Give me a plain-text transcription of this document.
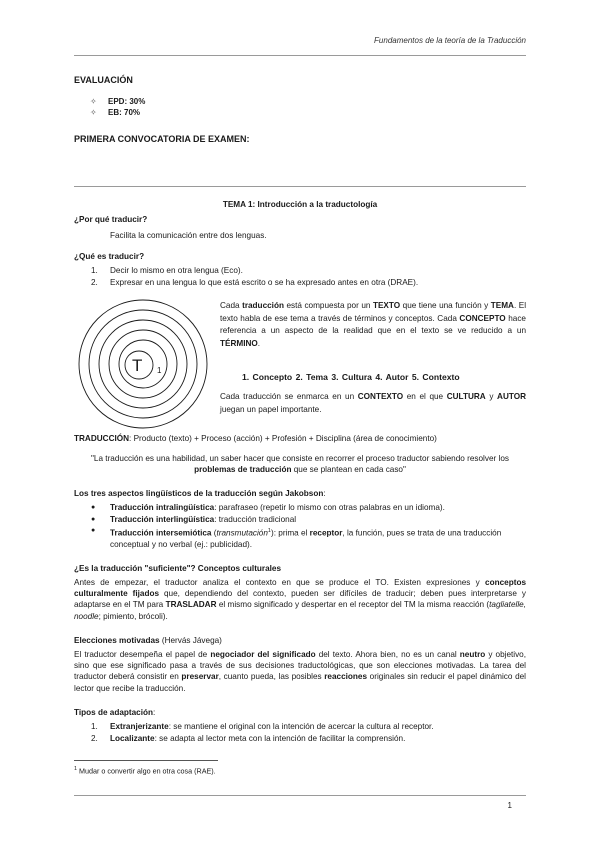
Fundamentos de la teoría de la Traducción
EVALUACIÓN
✧ EPD: 30%
✧ EB: 70%
PRIMERA CONVOCATORIA DE EXAMEN:
TEMA 1: Introducción a la traductología
¿Por qué traducir?
Facilita la comunicación entre dos lenguas.
¿Qué es traducir?
1. Decir lo mismo en otra lengua (Eco).
2. Expresar en una lengua lo que está escrito o se ha expresado antes en otra (DRAE).
T 1
Cada traducción está compuesta por un TEXTO que tiene una función y TEMA. El texto habla de ese tema a través de términos y conceptos. Cada CONCEPTO hace referencia a un aspecto de la realidad que en el texto se ve reducido a un TÉRMINO.
1. Concepto 2. Tema 3. Cultura 4. Autor 5. Contexto
Cada traducción se enmarca en un CONTEXTO en el que CULTURA y AUTOR juegan un papel importante.
TRADUCCIÓN: Producto (texto) + Proceso (acción) + Profesión + Disciplina (área de conocimiento)
"La traducción es una habilidad, un saber hacer que consiste en recorrer el proceso traductor sabiendo resolver los problemas de traducción que se plantean en cada caso"
Los tres aspectos lingüísticos de la traducción según Jakobson:
● Traducción intralingüística: parafraseo (repetir lo mismo con otras palabras en un idioma).
● Traducción interlingüística: traducción tradicional
● Traducción intersemiótica (transmutación$^1$): prima el receptor, la función, pues se trata de una traducción conceptual y no verbal (ej.: publicidad).
¿Es la traducción "suficiente"? Conceptos culturales
Antes de empezar, el traductor analiza el contexto en que se produce el TO. Existen expresiones y conceptos culturalmente fijados que, dependiendo del contexto, pueden ser difíciles de traducir; deben pues interpretarse y adaptarse en el TM para TRASLADAR el mismo significado y despertar en el receptor del TM la misma reacción (tagliatelle, noodle; pimiento, brócoli).
Elecciones motivadas (Hervás Jávega)
El traductor desempeña el papel de negociador del significado del texto. Ahora bien, no es un canal neutro y objetivo, sino que ese significado pasa a través de sus decisiones traductológicas, que son elecciones motivadas. La tarea del traductor deberá consistir en preservar, cuanto pueda, las posibles reacciones originales sin reducir el papel dinámico del lector que recibe la traducción.
Tipos de adaptación:
1. Extranjerizante: se mantiene el original con la intención de acercar la cultura al receptor.
2. Localizante: se adapta al lector meta con la intención de facilitar la comprensión.
$^1$ Mudar o convertir algo en otra cosa (RAE).
1
